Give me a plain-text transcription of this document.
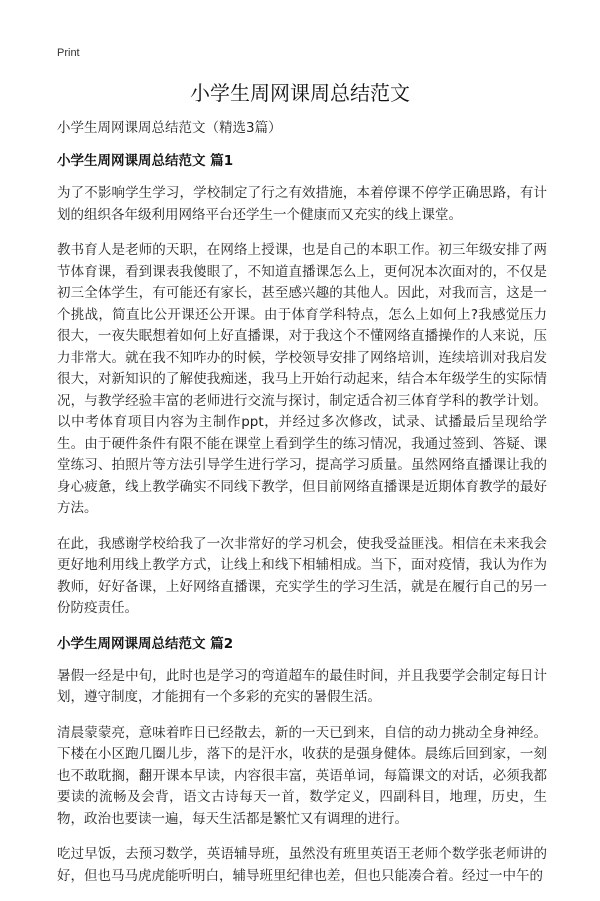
Print
小学生周网课周总结范文
小学生周网课周总结范文（精选3篇）
小学生周网课周总结范文 篇1

为了不影响学生学习，学校制定了行之有效措施，本着停课不停学正确思路，有计划的组织各年级利用网络平台还学生一个健康而又充实的线上课堂。

教书育人是老师的天职，在网络上授课，也是自己的本职工作。初三年级安排了两节体育课，看到课表我傻眼了，不知道直播课怎么上，更何况本次面对的，不仅是初三全体学生，有可能还有家长，甚至感兴趣的其他人。因此，对我而言，这是一个挑战，简直比公开课还公开课。由于体育学科特点，怎么上如何上?我感觉压力很大，一夜失眠想着如何上好直播课，对于我这个不懂网络直播操作的人来说，压力非常大。就在我不知咋办的时候，学校领导安排了网络培训，连续培训对我启发很大，对新知识的了解使我痴迷，我马上开始行动起来，结合本年级学生的实际情况，与教学经验丰富的老师进行交流与探讨，制定适合初三体育学科的教学计划。以中考体育项目内容为主制作ppt，并经过多次修改，试录、试播最后呈现给学生。由于硬件条件有限不能在课堂上看到学生的练习情况，我通过签到、答疑、课堂练习、拍照片等方法引导学生进行学习，提高学习质量。虽然网络直播课让我的身心疲惫，线上教学确实不同线下教学，但目前网络直播课是近期体育教学的最好方法。

在此，我感谢学校给我了一次非常好的学习机会，使我受益匪浅。相信在未来我会更好地利用线上教学方式，让线上和线下相辅相成。当下，面对疫情，我认为作为教师，好好备课，上好网络直播课，充实学生的学习生活，就是在履行自己的另一份防疫责任。

小学生周网课周总结范文 篇2

暑假一经是中旬，此时也是学习的弯道超车的最佳时间，并且我要学会制定每日计划，遵守制度，才能拥有一个多彩的充实的暑假生活。

清晨蒙蒙亮，意味着昨日已经散去，新的一天已到来，自信的动力挑动全身神经。下楼在小区跑几圈儿步，落下的是汗水，收获的是强身健体。晨练后回到家，一刻也不敢耽搁，翻开课本早读，内容很丰富，英语单词，每篇课文的对话，必须我都要读的流畅及会背，语文古诗每天一首，数学定义，四副科目，地理，历史，生物，政治也要读一遍，每天生活都是繁忙又有调理的进行。

吃过早饭，去预习数学，英语辅导班，虽然没有班里英语王老师个数学张老师讲的好，但也马马虎虎能听明白，辅导班里纪律也差，但也只能凑合着。经过一中午的
